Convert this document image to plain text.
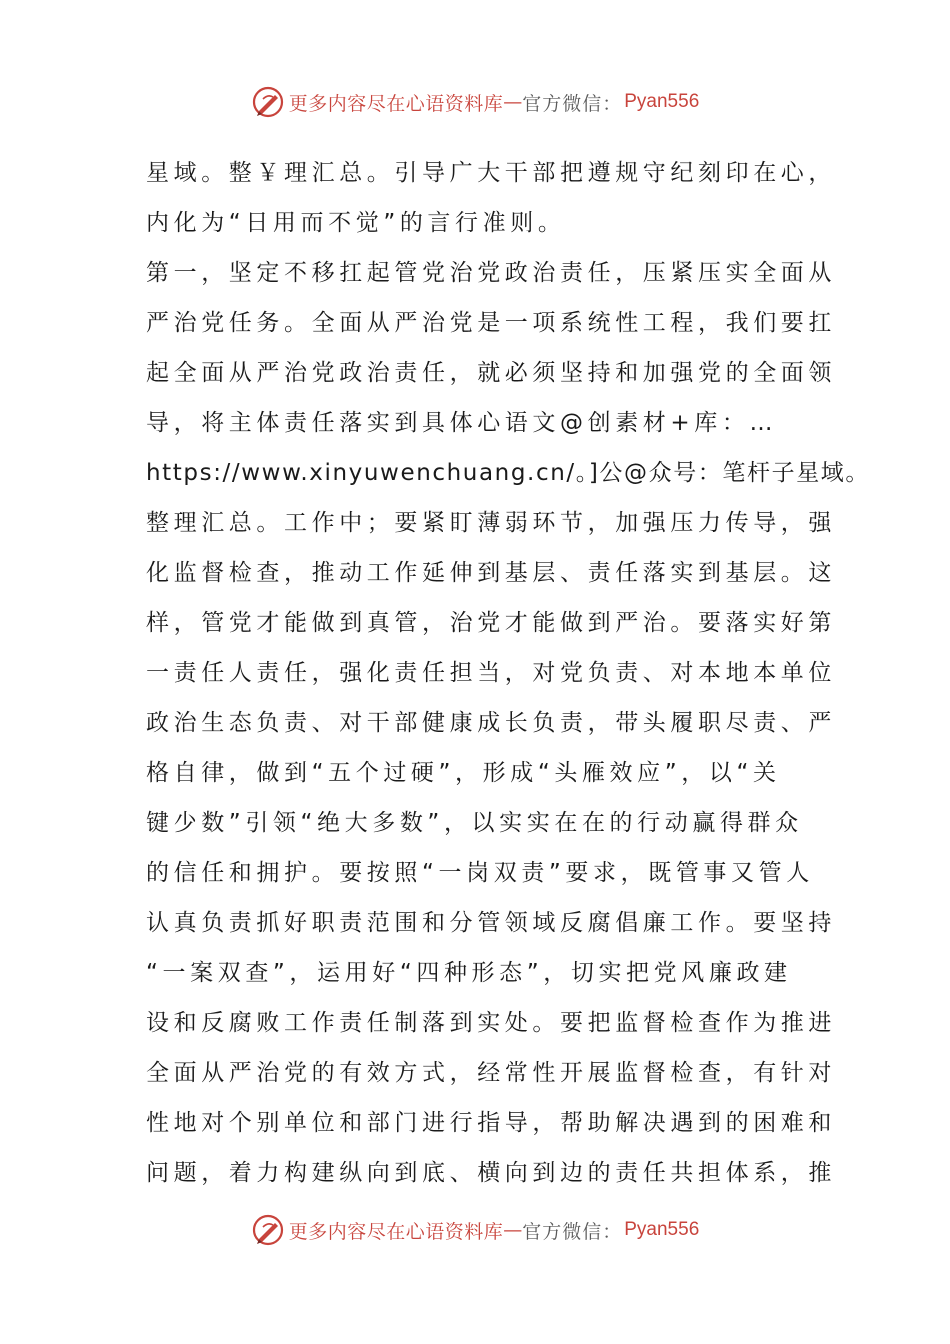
更多内容尽在心语资料库 — 官方微信： Pyan556
星域。整￥理汇总。引导广大干部把遵规守纪刻印在心，
内化为“日用而不觉”的言行准则。
第一，坚定不移扛起管党治党政治责任，压紧压实全面从
严治党任务。全面从严治党是一项系统性工程，我们要扛
起全面从严治党政治责任，就必须坚持和加强党的全面领
导，将主体责任落实到具体心语文@创素材+库：…
https://www.xinyuwenchuang.cn/。]公@众号：笔杆子星域。
整理汇总。工作中；要紧盯薄弱环节，加强压力传导，强
化监督检查，推动工作延伸到基层、责任落实到基层。这
样，管党才能做到真管，治党才能做到严治。要落实好第
一责任人责任，强化责任担当，对党负责、对本地本单位
政治生态负责、对干部健康成长负责，带头履职尽责、严
格自律，做到“五个过硬”，形成“头雁效应”，以“关
键少数”引领“绝大多数”，以实实在在的行动赢得群众
的信任和拥护。要按照“一岗双责”要求，既管事又管人
认真负责抓好职责范围和分管领域反腐倡廉工作。要坚持
“一案双查”，运用好“四种形态”，切实把党风廉政建
设和反腐败工作责任制落到实处。要把监督检查作为推进
全面从严治党的有效方式，经常性开展监督检查，有针对
性地对个别单位和部门进行指导，帮助解决遇到的困难和
问题，着力构建纵向到底、横向到边的责任共担体系，推
更多内容尽在心语资料库 — 官方微信： Pyan556
